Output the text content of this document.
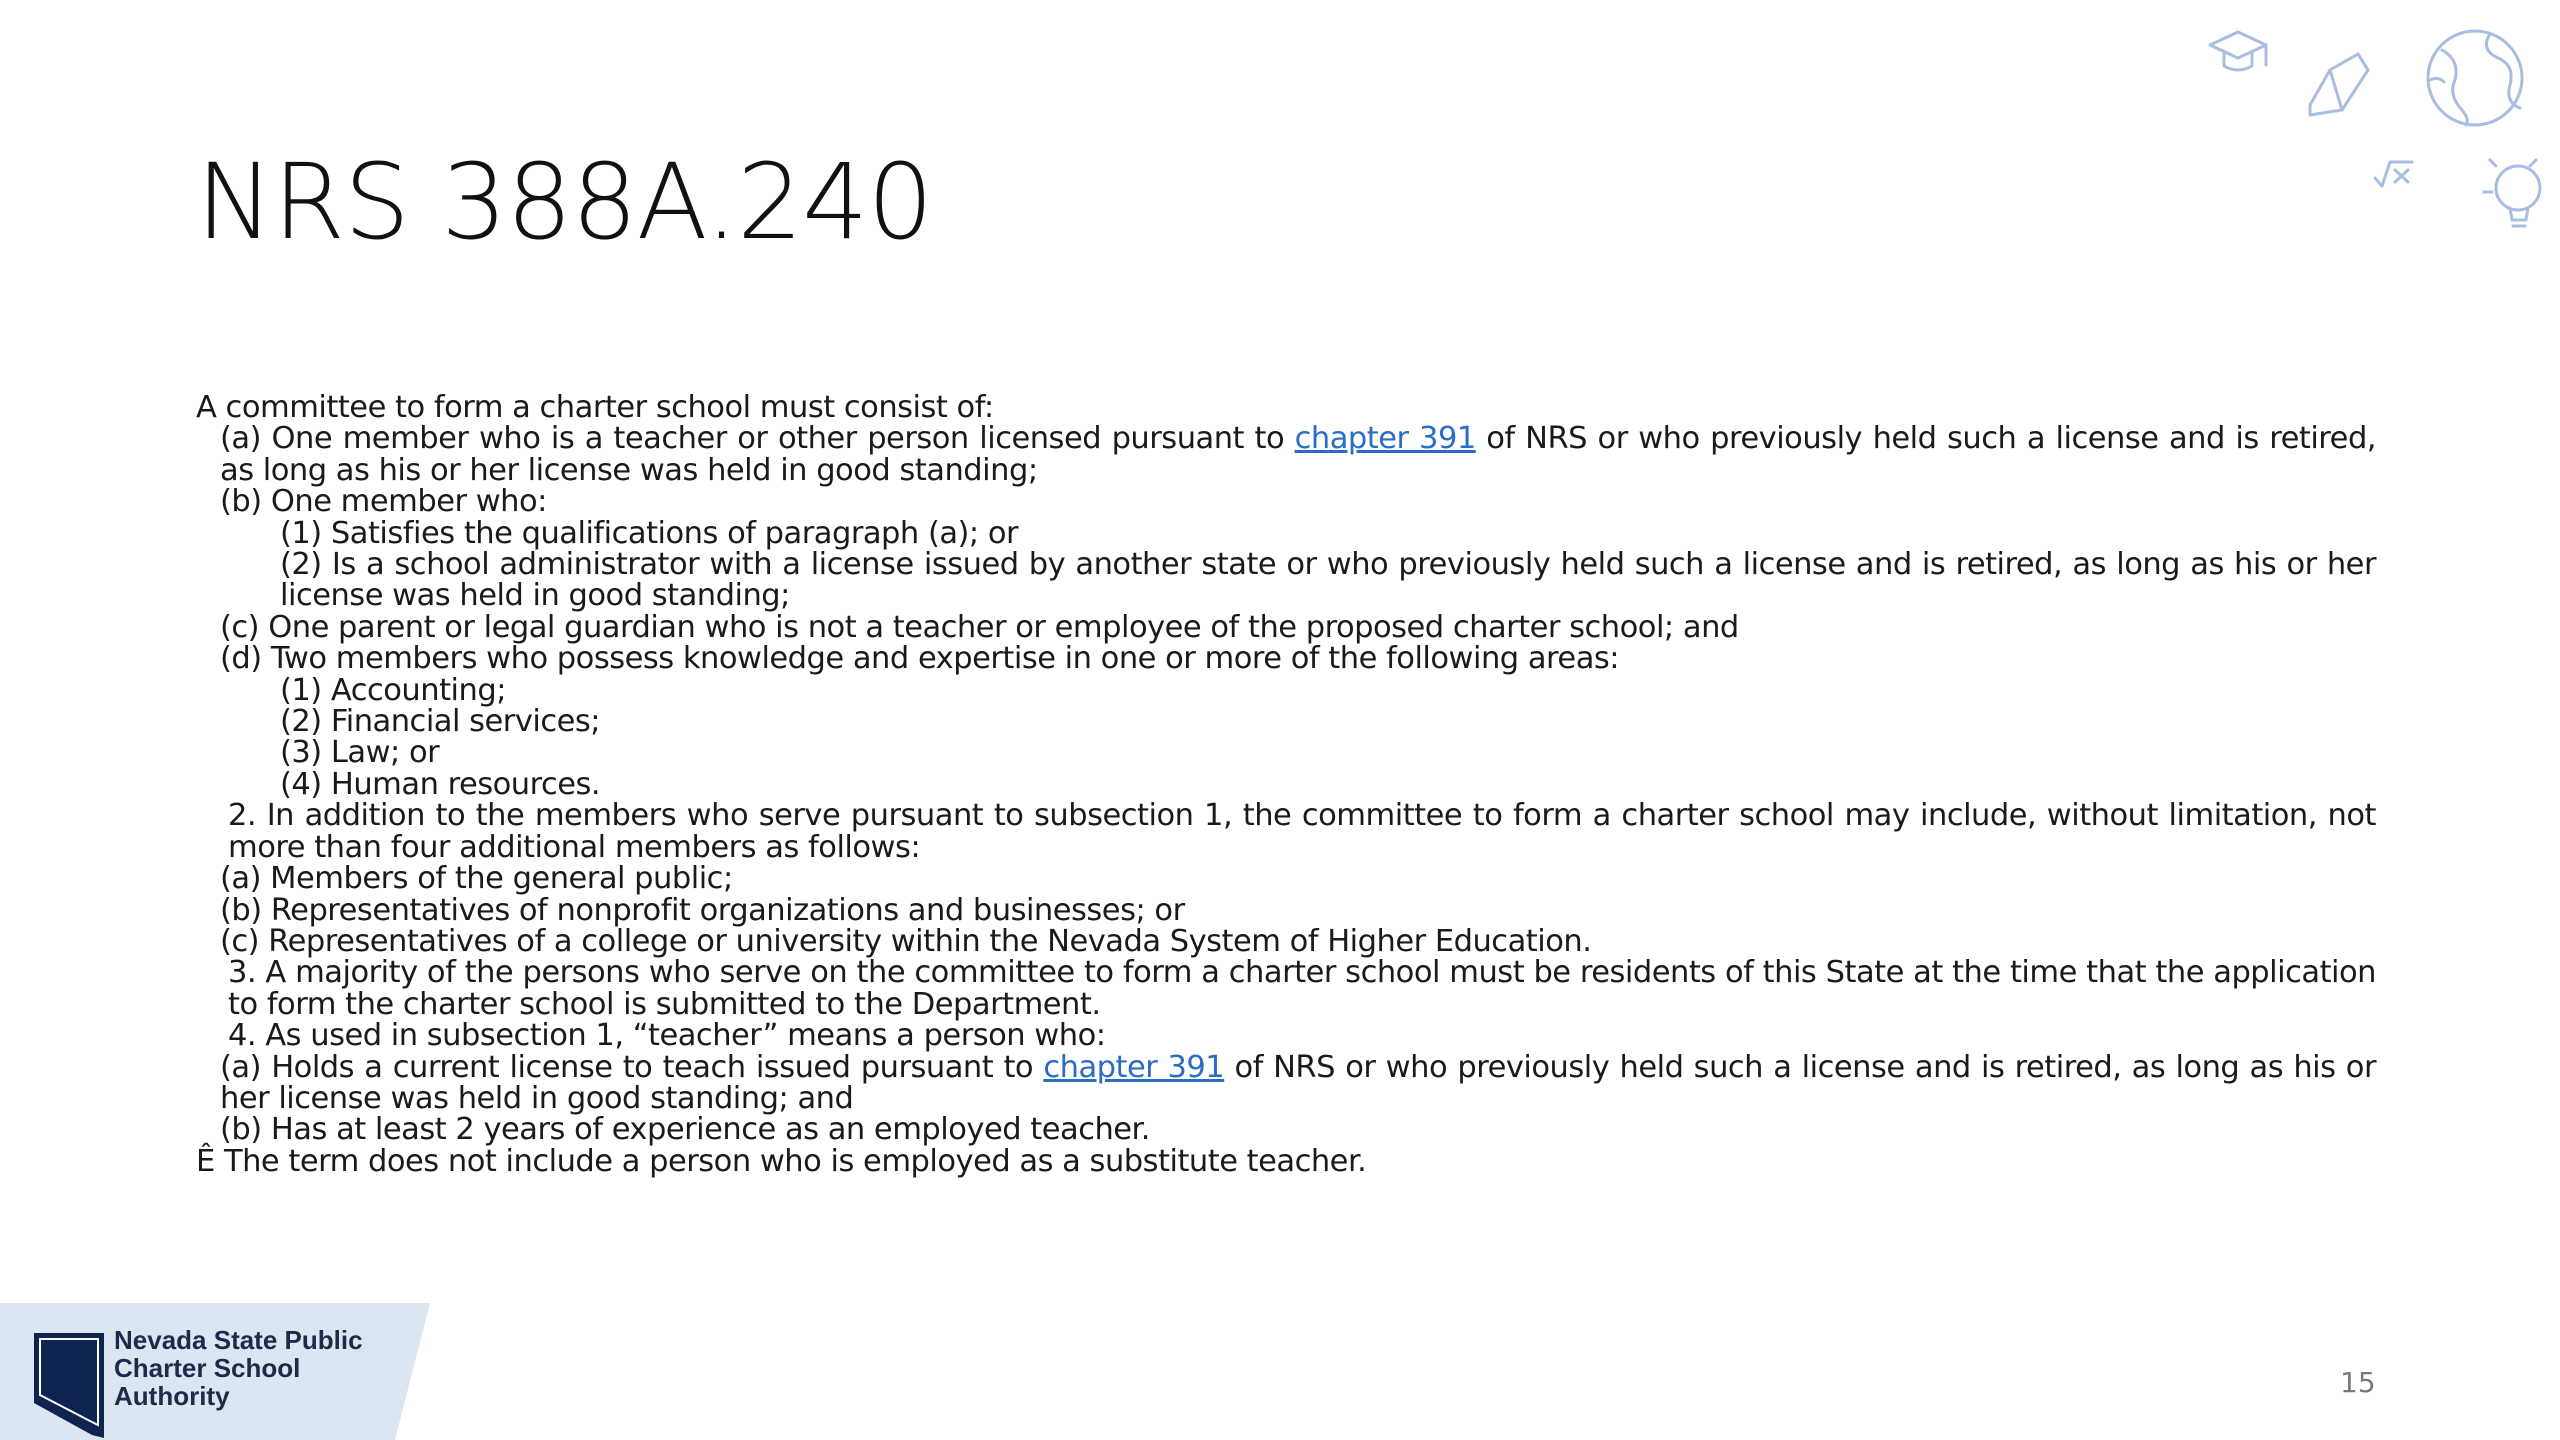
NRS 388A.240

A committee to form a charter school must consist of:

(a) One member who is a teacher or other person licensed pursuant to chapter 391 of NRS or who previously held such a license and is retired, as long as his or her license was held in good standing;

(b) One member who:

(1) Satisfies the qualifications of paragraph (a); or

(2) Is a school administrator with a license issued by another state or who previously held such a license and is retired, as long as his or her license was held in good standing;

(c) One parent or legal guardian who is not a teacher or employee of the proposed charter school; and

(d) Two members who possess knowledge and expertise in one or more of the following areas:

(1) Accounting;

(2) Financial services;

(3) Law; or

(4) Human resources.

2. In addition to the members who serve pursuant to subsection 1, the committee to form a charter school may include, without limitation, not more than four additional members as follows:

(a) Members of the general public;

(b) Representatives of nonprofit organizations and businesses; or

(c) Representatives of a college or university within the Nevada System of Higher Education.

3. A majority of the persons who serve on the committee to form a charter school must be residents of this State at the time that the application to form the charter school is submitted to the Department.

4. As used in subsection 1, “teacher” means a person who:

(a) Holds a current license to teach issued pursuant to chapter 391 of NRS or who previously held such a license and is retired, as long as his or her license was held in good standing; and

(b) Has at least 2 years of experience as an employed teacher.

Ê The term does not include a person who is employed as a substitute teacher.

Nevada State Public
Charter School
Authority	15
